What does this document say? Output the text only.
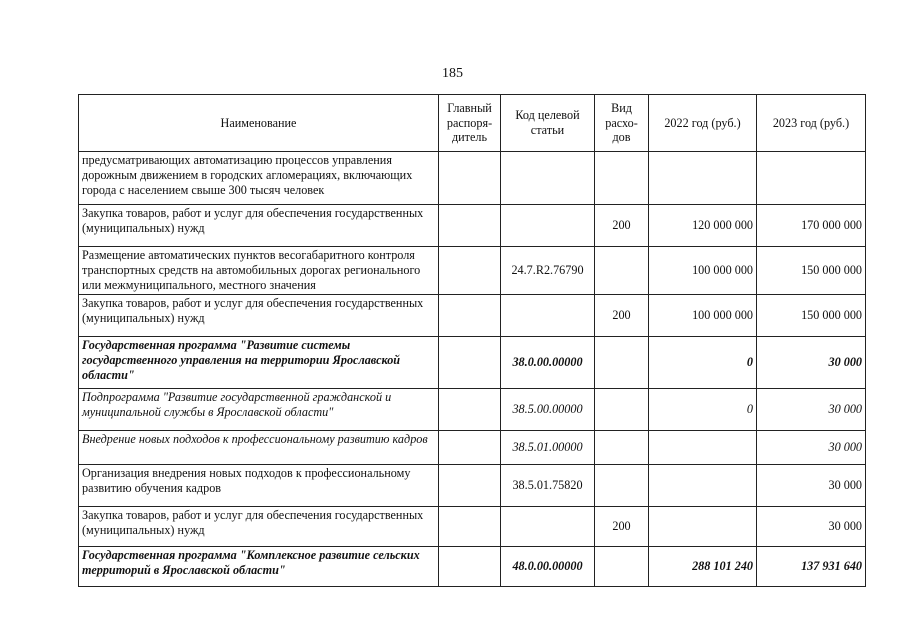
185
Наименование	Главный распоря-дитель	Код целевой статьи	Вид расхо-дов	2022 год (руб.)	2023 год (руб.)
предусматривающих автоматизацию процессов управления дорожным движением в городских агломерациях, включающих города с населением свыше 300 тысяч человек					
Закупка товаров, работ и услуг для обеспечения государственных (муниципальных) нужд			200	120 000 000	170 000 000
Размещение автоматических пунктов весогабаритного контроля транспортных средств на автомобильных дорогах регионального или межмуниципального, местного значения		24.7.R2.76790		100 000 000	150 000 000
Закупка товаров, работ и услуг для обеспечения государственных (муниципальных) нужд			200	100 000 000	150 000 000
Государственная программа "Развитие системы государственного управления на территории Ярославской области"		38.0.00.00000		0	30 000
Подпрограмма "Развитие государственной гражданской и муниципальной службы в Ярославской области"		38.5.00.00000		0	30 000
Внедрение новых подходов к профессиональному развитию кадров		38.5.01.00000			30 000
Организация внедрения новых подходов к профессиональному развитию обучения кадров		38.5.01.75820			30 000
Закупка товаров, работ и услуг для обеспечения государственных (муниципальных) нужд			200		30 000
Государственная программа "Комплексное развитие сельских территорий в Ярославской области"		48.0.00.00000		288 101 240	137 931 640
